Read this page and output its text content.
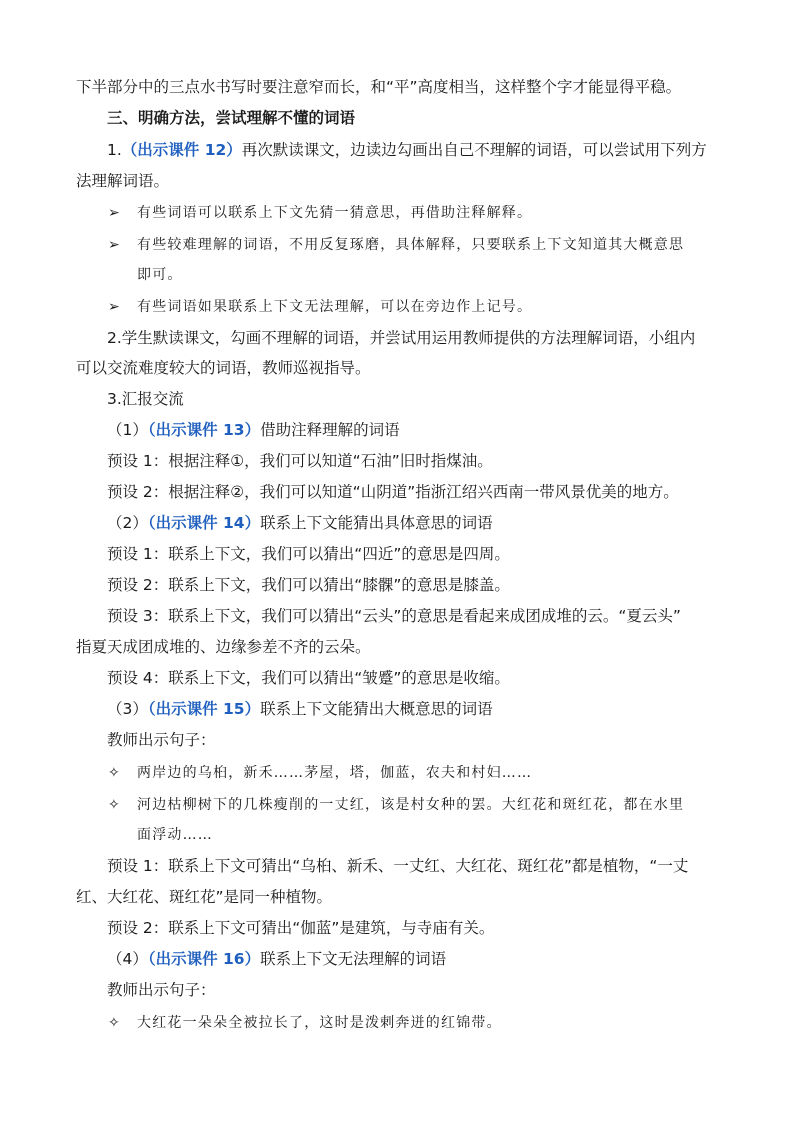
下半部分中的三点水书写时要注意窄而长，和“平”高度相当，这样整个字才能显得平稳。
三、明确方法，尝试理解不懂的词语
1.（出示课件 12）再次默读课文，边读边勾画出自己不理解的词语，可以尝试用下列方
法理解词语。
➢ 有些词语可以联系上下文先猜一猜意思，再借助注释解释。
➢ 有些较难理解的词语，不用反复琢磨，具体解释，只要联系上下文知道其大概意思
即可。
➢ 有些词语如果联系上下文无法理解，可以在旁边作上记号。
2.学生默读课文，勾画不理解的词语，并尝试用运用教师提供的方法理解词语，小组内
可以交流难度较大的词语，教师巡视指导。
3.汇报交流
（1）（出示课件 13）借助注释理解的词语
预设 1：根据注释①，我们可以知道“石油”旧时指煤油。
预设 2：根据注释②，我们可以知道“山阴道”指浙江绍兴西南一带风景优美的地方。
（2）（出示课件 14）联系上下文能猜出具体意思的词语
预设 1：联系上下文，我们可以猜出“四近”的意思是四周。
预设 2：联系上下文，我们可以猜出“膝髁”的意思是膝盖。
预设 3：联系上下文，我们可以猜出“云头”的意思是看起来成团成堆的云。“夏云头”
指夏天成团成堆的、边缘参差不齐的云朵。
预设 4：联系上下文，我们可以猜出“皱蹙”的意思是收缩。
（3）（出示课件 15）联系上下文能猜出大概意思的词语
教师出示句子：
✧ 两岸边的乌桕，新禾……茅屋，塔，伽蓝，农夫和村妇……
✧ 河边枯柳树下的几株瘦削的一丈红，该是村女种的罢。大红花和斑红花，都在水里
面浮动……
预设 1：联系上下文可猜出“乌桕、新禾、一丈红、大红花、斑红花”都是植物，“一丈
红、大红花、斑红花”是同一种植物。
预设 2：联系上下文可猜出“伽蓝”是建筑，与寺庙有关。
（4）（出示课件 16）联系上下文无法理解的词语
教师出示句子：
✧ 大红花一朵朵全被拉长了，这时是泼剌奔迸的红锦带。
